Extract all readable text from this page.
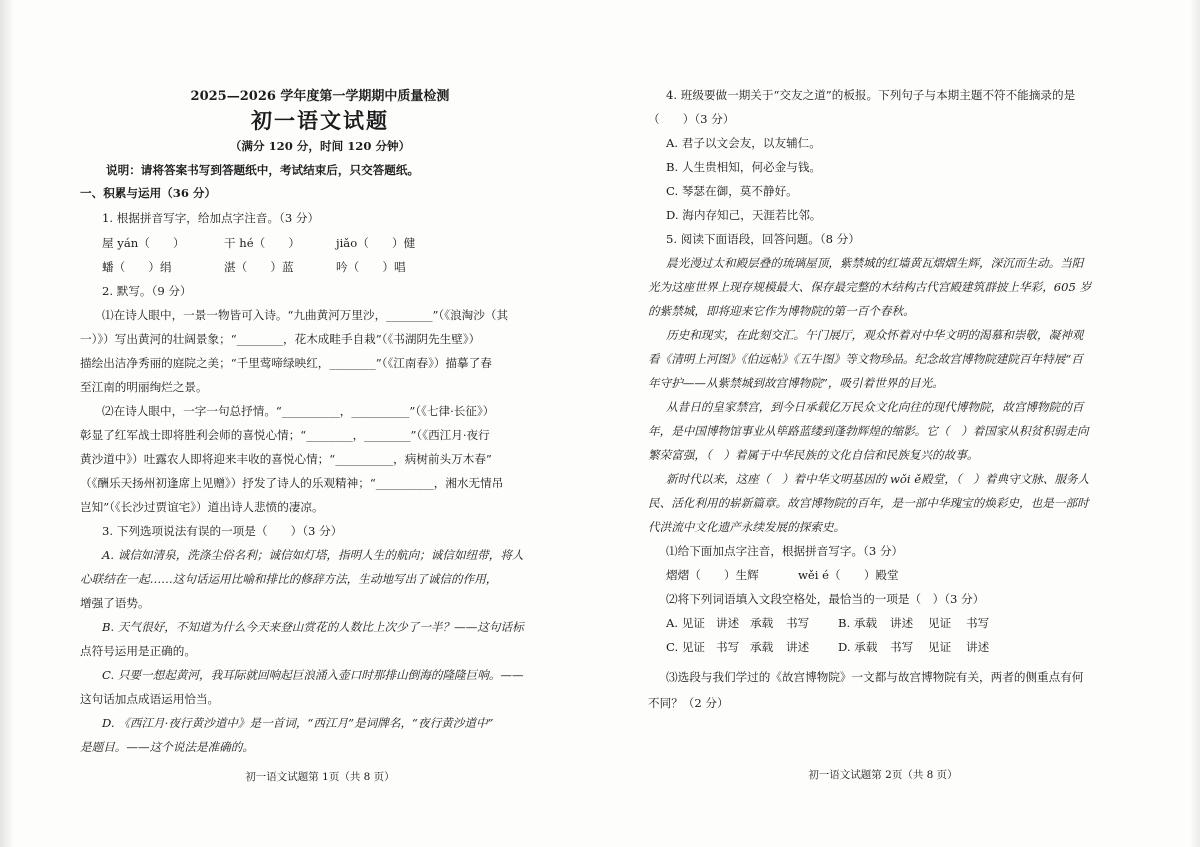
2025—2026 学年度第一学期期中质量检测
初一语文试题
（满分 120 分，时间 120 分钟）
说明：请将答案书写到答题纸中，考试结束后，只交答题纸。
一、积累与运用（36 分）
1. 根据拼音写字，给加点字注音。（3 分）
屋 yán（　　）	干 hé（　　）	jiǎo（　　）健
蟠（　　）绢	湛（　　）蓝	吟（　　）唱
2. 默写。（9 分）
⑴在诗人眼中，一景一物皆可入诗。“九曲黄河万里沙，________”（《浪淘沙（其
一）》）写出黄河的壮阔景象；“________，花木成畦手自栽”（《书湖阴先生壁》）
描绘出洁净秀丽的庭院之美；“千里莺啼绿映红，________”（《江南春》）描摹了春
至江南的明丽绚烂之景。
⑵在诗人眼中，一字一句总抒情。“__________，__________”（《七律·长征》）
彰显了红军战士即将胜利会师的喜悦心情；“________，________”（《西江月·夜行
黄沙道中》）吐露农人即将迎来丰收的喜悦心情；“__________，病树前头万木春”
（《酬乐天扬州初逢席上见赠》）抒发了诗人的乐观精神；“__________，湘水无情吊
岂知”（《长沙过贾谊宅》）道出诗人悲愤的凄凉。
3. 下列选项说法有误的一项是（　　）（3 分）
A. 诚信如清泉，洗涤尘俗名利；诚信如灯塔，指明人生的航向；诚信如纽带，将人
心联结在一起……这句话运用比喻和排比的修辞方法，生动地写出了诚信的作用，
增强了语势。
B. 天气很好，不知道为什么今天来登山赏花的人数比上次少了一半？——这句话标
点符号运用是正确的。
C. 只要一想起黄河，我耳际就回响起巨浪涌入壶口时那排山倒海的隆隆巨响。——
这句话加点成语运用恰当。
D. 《西江月·夜行黄沙道中》是一首词，“西江月”是词牌名，“夜行黄沙道中”
是题目。——这个说法是准确的。
初一语文试题第 1页（共 8 页）
4. 班级要做一期关于“交友之道”的板报。下列句子与本期主题不符不能摘录的是
（　　）（3 分）
A. 君子以文会友，以友辅仁。
B. 人生贵相知，何必金与钱。
C. 琴瑟在御，莫不静好。
D. 海内存知己，天涯若比邻。
5. 阅读下面语段，回答问题。（8 分）
晨光漫过太和殿层叠的琉璃屋顶，紫禁城的红墙黄瓦熠熠生辉，深沉而生动。当阳
光为这座世界上现存规模最大、保存最完整的木结构古代宫殿建筑群披上华彩，605 岁
的紫禁城，即将迎来它作为博物院的第一百个春秋。
历史和现实，在此刻交汇。午门展厅，观众怀着对中华文明的渴慕和崇敬，凝神观
看《清明上河图》《伯远帖》《五牛图》等文物珍品。纪念故宫博物院建院百年特展“百
年守护——从紫禁城到故宫博物院”，吸引着世界的目光。
从昔日的皇家禁宫，到今日承载亿万民众文化向往的现代博物院，故宫博物院的百
年，是中国博物馆事业从筚路蓝缕到蓬勃辉煌的缩影。它（　）着国家从积贫积弱走向
繁荣富强，（　）着属于中华民族的文化自信和民族复兴的故事。
新时代以来，这座（　）着中华文明基因的 wǒi ě殿堂，（　）着典守文脉、服务人
民、活化利用的崭新篇章。故宫博物院的百年，是一部中华瑰宝的焕彩史，也是一部时
代洪流中文化遗产永续发展的探索史。
⑴给下面加点字注音，根据拼音写字。（3 分）
熠熠（　　）生辉	wěi é（　　）殿堂
⑵将下列词语填入文段空格处，最恰当的一项是（　）（3 分）
A. 见证 讲述 承载 书写 B. 承载 讲述 见证 书写
C. 见证 书写 承载 讲述 D. 承载 书写 见证 讲述
⑶选段与我们学过的《故宫博物院》一文都与故宫博物院有关，两者的侧重点有何
不同？（2 分）
初一语文试题第 2页（共 8 页）
